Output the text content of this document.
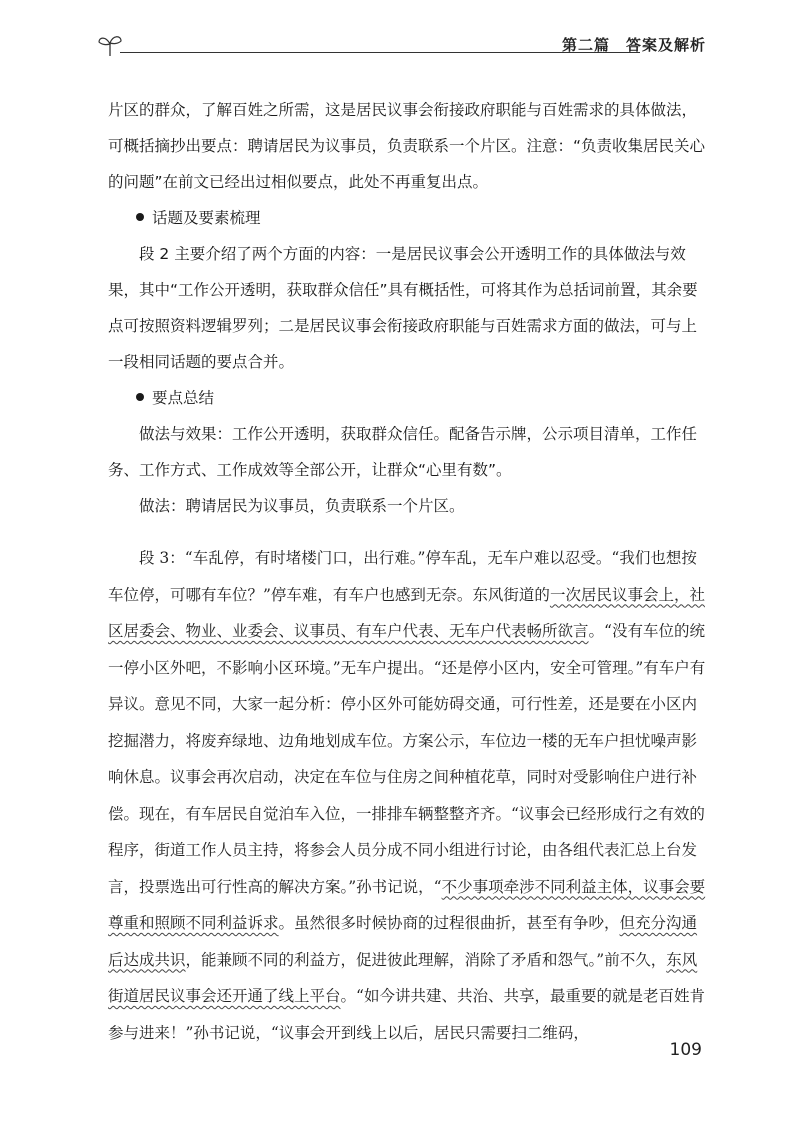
第二篇　答案及解析

片区的群众，了解百姓之所需，这是居民议事会衔接政府职能与百姓需求的具体做法，可概括摘抄出要点：聘请居民为议事员，负责联系一个片区。注意：“负责收集居民关心的问题”在前文已经出过相似要点，此处不再重复出点。

话题及要素梳理

段 2 主要介绍了两个方面的内容：一是居民议事会公开透明工作的具体做法与效果，其中“工作公开透明，获取群众信任”具有概括性，可将其作为总括词前置，其余要点可按照资料逻辑罗列；二是居民议事会衔接政府职能与百姓需求方面的做法，可与上一段相同话题的要点合并。

要点总结

做法与效果：工作公开透明，获取群众信任。配备告示牌，公示项目清单，工作任务、工作方式、工作成效等全部公开，让群众“心里有数”。

做法：聘请居民为议事员，负责联系一个片区。

段 3：“车乱停，有时堵楼门口，出行难。”停车乱，无车户难以忍受。“我们也想按车位停，可哪有车位？”停车难，有车户也感到无奈。东风街道的一次居民议事会上，社区居委会、物业、业委会、议事员、有车户代表、无车户代表畅所欲言。“没有车位的统一停小区外吧，不影响小区环境。”无车户提出。“还是停小区内，安全可管理。”有车户有异议。意见不同，大家一起分析：停小区外可能妨碍交通，可行性差，还是要在小区内挖掘潜力，将废弃绿地、边角地划成车位。方案公示，车位边一楼的无车户担忧噪声影响休息。议事会再次启动，决定在车位与住房之间种植花草，同时对受影响住户进行补偿。现在，有车居民自觉泊车入位，一排排车辆整整齐齐。“议事会已经形成行之有效的程序，街道工作人员主持，将参会人员分成不同小组进行讨论，由各组代表汇总上台发言，投票选出可行性高的解决方案。”孙书记说，“不少事项牵涉不同利益主体，议事会要尊重和照顾不同利益诉求。虽然很多时候协商的过程很曲折，甚至有争吵，但充分沟通后达成共识，能兼顾不同的利益方，促进彼此理解，消除了矛盾和怨气。”前不久，东风街道居民议事会还开通了线上平台。“如今讲共建、共治、共享，最重要的就是老百姓肯参与进来！”孙书记说，“议事会开到线上以后，居民只需要扫二维码，

109
